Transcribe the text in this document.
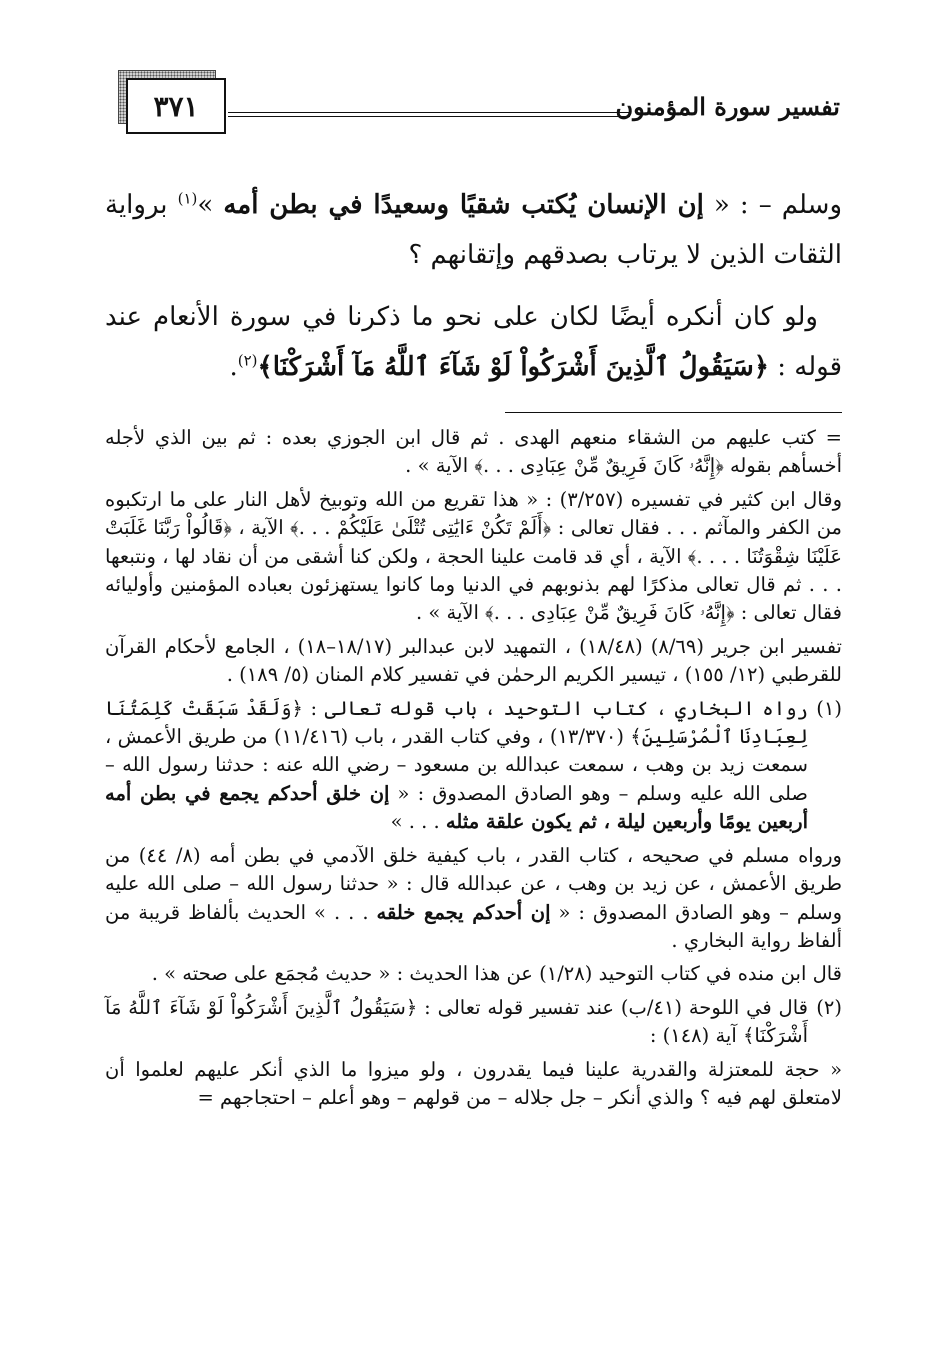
تفسير سورة المؤمنون
٣٧١

وسلم – : « إن الإنسان يُكتب شقيًا وسعيدًا في بطن أمه »$^{(١)}$ برواية الثقات الذين لا يرتاب بصدقهم وإتقانهم ؟

ولو كان أنكره أيضًا لكان على نحو ما ذكرنا في سورة الأنعام عند قوله : ﴿سَيَقُولُ ٱلَّذِينَ أَشْرَكُواْ لَوْ شَآءَ ٱللَّهُ مَآ أَشْرَكْنَا﴾$^{(٢)}$.

= كتب عليهم من الشقاء منعهم الهدى . ثم قال ابن الجوزي بعده : ثم بين الذي لأجله أخسأهم بقوله ﴿إِنَّهُۥ كَانَ فَرِيقٌ مِّنْ عِبَادِى . . .﴾ الآية » .

وقال ابن كثير في تفسيره (٣/٢٥٧) : « هذا تقريع من الله وتوبيخ لأهل النار على ما ارتكبوه من الكفر والمآثم . . . فقال تعالى : ﴿أَلَمْ تَكُنْ ءَايَٰتِى تُتْلَىٰ عَلَيْكُمْ . . .﴾ الآية ، ﴿قَالُواْ رَبَّنَا غَلَبَتْ عَلَيْنَا شِقْوَتُنَا . . . .﴾ الآية ، أي قد قامت علينا الحجة ، ولكن كنا أشقى من أن نقاد لها ، ونتبعها . . . ثم قال تعالى مذكرًا لهم بذنوبهم في الدنيا وما كانوا يستهزئون بعباده المؤمنين وأوليائه فقال تعالى : ﴿إِنَّهُۥ كَانَ فَرِيقٌ مِّنْ عِبَادِى . . .﴾ الآية » .

تفسير ابن جرير (٨/٦٩) (١٨/٤٨) ، التمهيد لابن عبدالبر (١٨/١٧–١٨) ، الجامع لأحكام القرآن للقرطبي (١٢/ ١٥٥) ، تيسير الكريم الرحمٰن في تفسير كلام المنان (٥/ ١٨٩) .

(١)
رواه البخاري ، كتاب التوحيد ، باب قوله تعالى : ﴿وَلَقَدْ سَبَقَتْ كَلِمَتُنَا لِعِبَادِنَا ٱلْمُرْسَلِينَ﴾ (١٣/٣٧٠) ، وفي كتاب القدر ، باب (١١/٤١٦) من طريق الأعمش ، سمعت زيد بن وهب ، سمعت عبدالله بن مسعود – رضي الله عنه : حدثنا رسول الله – صلى الله عليه وسلم – وهو الصادق المصدوق : « إن خلق أحدكم يجمع في بطن أمه أربعين يومًا وأربعين ليلة ، ثم يكون علقة مثله . . . »

ورواه مسلم في صحيحه ، كتاب القدر ، باب كيفية خلق الآدمي في بطن أمه (٨/ ٤٤) من طريق الأعمش ، عن زيد بن وهب ، عن عبدالله قال : « حدثنا رسول الله – صلى الله عليه وسلم – وهو الصادق المصدوق : « إن أحدكم يجمع خلقه . . . » الحديث بألفاظ قريبة من ألفاظ رواية البخاري .

قال ابن منده في كتاب التوحيد (١/٢٨) عن هذا الحديث : « حديث مُجمَع على صحته » .

(٢)
قال في اللوحة (٤١/ب) عند تفسير قوله تعالى : ﴿سَيَقُولُ ٱلَّذِينَ أَشْرَكُواْ لَوْ شَآءَ ٱللَّهُ مَآ أَشْرَكْنَا﴾ آية (١٤٨) :

« حجة للمعتزلة والقدرية علينا فيما يقدرون ، ولو ميزوا ما الذي أنكر عليهم لعلموا أن لامتعلق لهم فيه ؟ والذي أنكر – جل جلاله – من قولهم – وهو أعلم – احتجاجهم =
